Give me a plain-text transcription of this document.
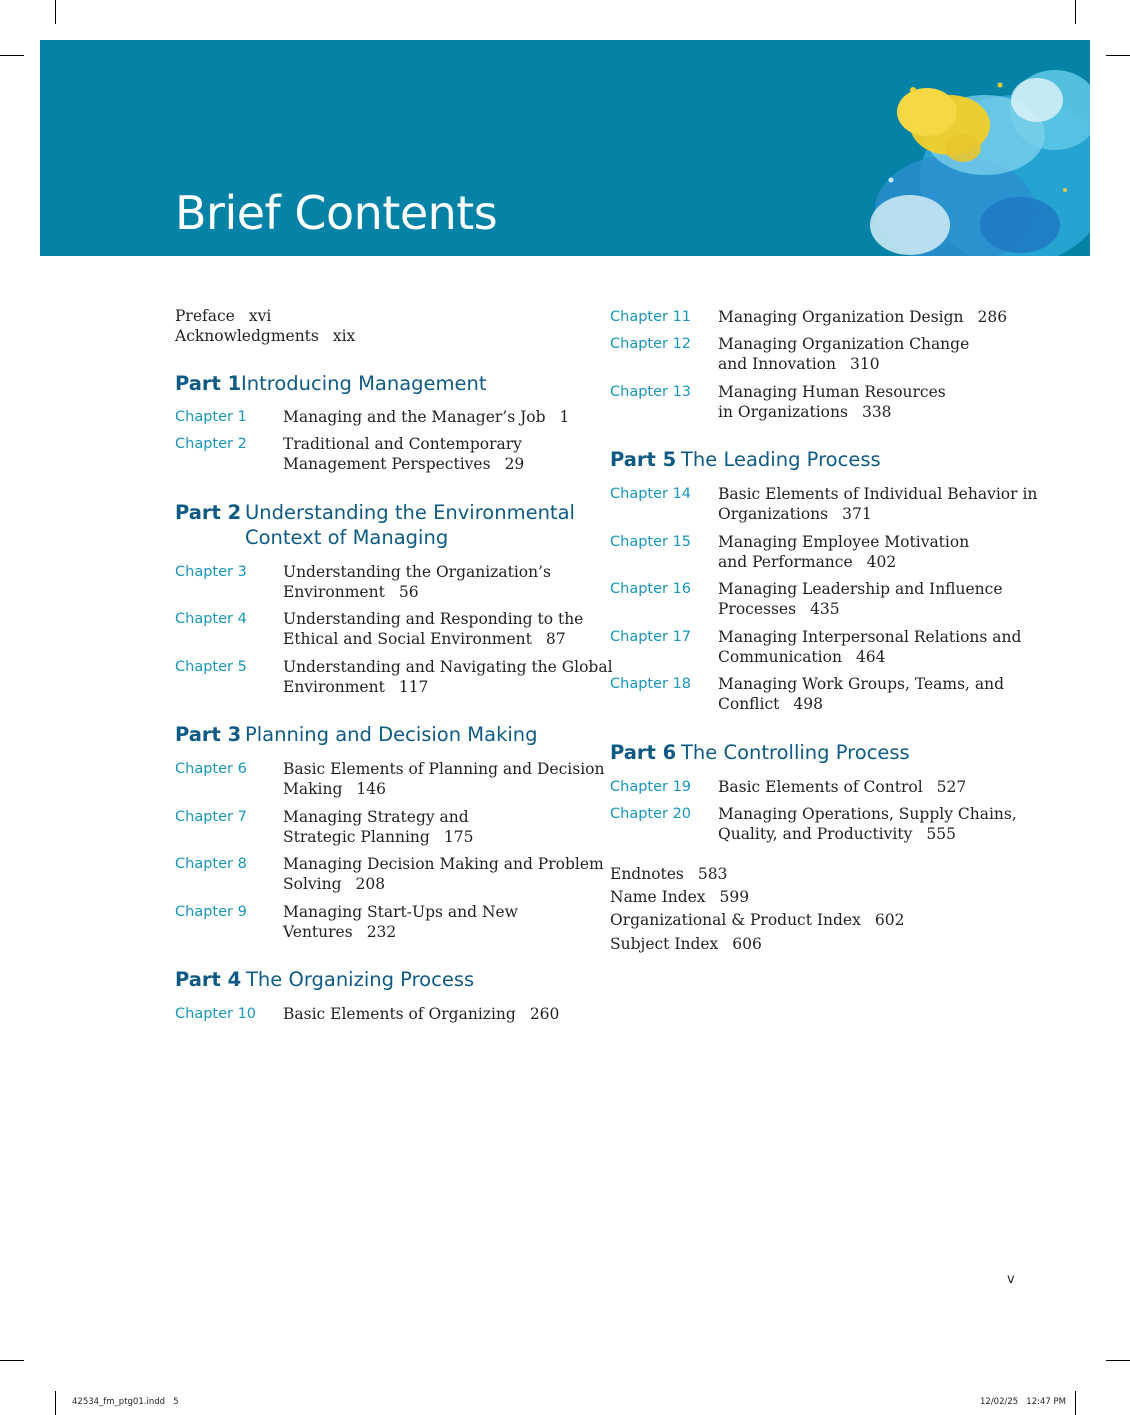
Brief Contents
Preface xvi
Acknowledgments xix
Part 1 Introducing Management
Chapter 1 Managing and the Manager’s Job 1
Chapter 2 Traditional and Contemporary
Management Perspectives 29
Part 2 Understanding the Environmental
Context of Managing
Chapter 3 Understanding the Organization’s
Environment 56
Chapter 4 Understanding and Responding to the
Ethical and Social Environment 87
Chapter 5 Understanding and Navigating the Global
Environment 117
Part 3 Planning and Decision Making
Chapter 6 Basic Elements of Planning and Decision
Making 146
Chapter 7 Managing Strategy and
Strategic Planning 175
Chapter 8 Managing Decision Making and Problem
Solving 208
Chapter 9 Managing Start-Ups and New
Ventures 232
Part 4 The Organizing Process
Chapter 10 Basic Elements of Organizing 260
Chapter 11 Managing Organization Design 286
Chapter 12 Managing Organization Change
and Innovation 310
Chapter 13 Managing Human Resources
in Organizations 338
Part 5 The Leading Process
Chapter 14 Basic Elements of Individual Behavior in
Organizations 371
Chapter 15 Managing Employee Motivation
and Performance 402
Chapter 16 Managing Leadership and Influence
Processes 435
Chapter 17 Managing Interpersonal Relations and
Communication 464
Chapter 18 Managing Work Groups, Teams, and
Conflict 498
Part 6 The Controlling Process
Chapter 19 Basic Elements of Control 527
Chapter 20 Managing Operations, Supply Chains,
Quality, and Productivity 555
Endnotes 583
Name Index 599
Organizational & Product Index 602
Subject Index 606
v
42534_fm_ptg01.indd   5	12/02/25   12:47 PM
